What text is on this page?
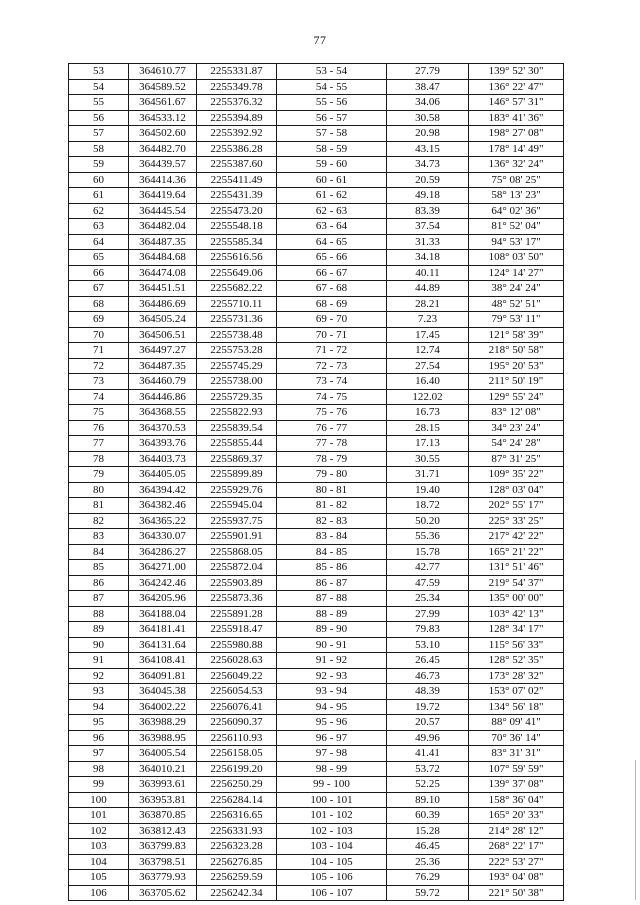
77
53	364610.77	2255331.87	53 - 54	27.79	139° 52' 30"
54	364589.52	2255349.78	54 - 55	38.47	136° 22' 47"
55	364561.67	2255376.32	55 - 56	34.06	146° 57' 31"
56	364533.12	2255394.89	56 - 57	30.58	183° 41' 36"
57	364502.60	2255392.92	57 - 58	20.98	198° 27' 08"
58	364482.70	2255386.28	58 - 59	43.15	178° 14' 49"
59	364439.57	2255387.60	59 - 60	34.73	136° 32' 24"
60	364414.36	2255411.49	60 - 61	20.59	75° 08' 25"
61	364419.64	2255431.39	61 - 62	49.18	58° 13' 23"
62	364445.54	2255473.20	62 - 63	83.39	64° 02' 36"
63	364482.04	2255548.18	63 - 64	37.54	81° 52' 04"
64	364487.35	2255585.34	64 - 65	31.33	94° 53' 17"
65	364484.68	2255616.56	65 - 66	34.18	108° 03' 50"
66	364474.08	2255649.06	66 - 67	40.11	124° 14' 27"
67	364451.51	2255682.22	67 - 68	44.89	38° 24' 24"
68	364486.69	2255710.11	68 - 69	28.21	48° 52' 51"
69	364505.24	2255731.36	69 - 70	7.23	79° 53' 11"
70	364506.51	2255738.48	70 - 71	17.45	121° 58' 39"
71	364497.27	2255753.28	71 - 72	12.74	218° 50' 58"
72	364487.35	2255745.29	72 - 73	27.54	195° 20' 53"
73	364460.79	2255738.00	73 - 74	16.40	211° 50' 19"
74	364446.86	2255729.35	74 - 75	122.02	129° 55' 24"
75	364368.55	2255822.93	75 - 76	16.73	83° 12' 08"
76	364370.53	2255839.54	76 - 77	28.15	34° 23' 24"
77	364393.76	2255855.44	77 - 78	17.13	54° 24' 28"
78	364403.73	2255869.37	78 - 79	30.55	87° 31' 25"
79	364405.05	2255899.89	79 - 80	31.71	109° 35' 22"
80	364394.42	2255929.76	80 - 81	19.40	128° 03' 04"
81	364382.46	2255945.04	81 - 82	18.72	202° 55' 17"
82	364365.22	2255937.75	82 - 83	50.20	225° 33' 25"
83	364330.07	2255901.91	83 - 84	55.36	217° 42' 22"
84	364286.27	2255868.05	84 - 85	15.78	165° 21' 22"
85	364271.00	2255872.04	85 - 86	42.77	131° 51' 46"
86	364242.46	2255903.89	86 - 87	47.59	219° 54' 37"
87	364205.96	2255873.36	87 - 88	25.34	135° 00' 00"
88	364188.04	2255891.28	88 - 89	27.99	103° 42' 13"
89	364181.41	2255918.47	89 - 90	79.83	128° 34' 17"
90	364131.64	2255980.88	90 - 91	53.10	115° 56' 33"
91	364108.41	2256028.63	91 - 92	26.45	128° 52' 35"
92	364091.81	2256049.22	92 - 93	46.73	173° 28' 32"
93	364045.38	2256054.53	93 - 94	48.39	153° 07' 02"
94	364002.22	2256076.41	94 - 95	19.72	134° 56' 18"
95	363988.29	2256090.37	95 - 96	20.57	88° 09' 41"
96	363988.95	2256110.93	96 - 97	49.96	70° 36' 14"
97	364005.54	2256158.05	97 - 98	41.41	83° 31' 31"
98	364010.21	2256199.20	98 - 99	53.72	107° 59' 59"
99	363993.61	2256250.29	99 - 100	52.25	139° 37' 08"
100	363953.81	2256284.14	100 - 101	89.10	158° 36' 04"
101	363870.85	2256316.65	101 - 102	60.39	165° 20' 33"
102	363812.43	2256331.93	102 - 103	15.28	214° 28' 12"
103	363799.83	2256323.28	103 - 104	46.45	268° 22' 17"
104	363798.51	2256276.85	104 - 105	25.36	222° 53' 27"
105	363779.93	2256259.59	105 - 106	76.29	193° 04' 08"
106	363705.62	2256242.34	106 - 107	59.72	221° 50' 38"
